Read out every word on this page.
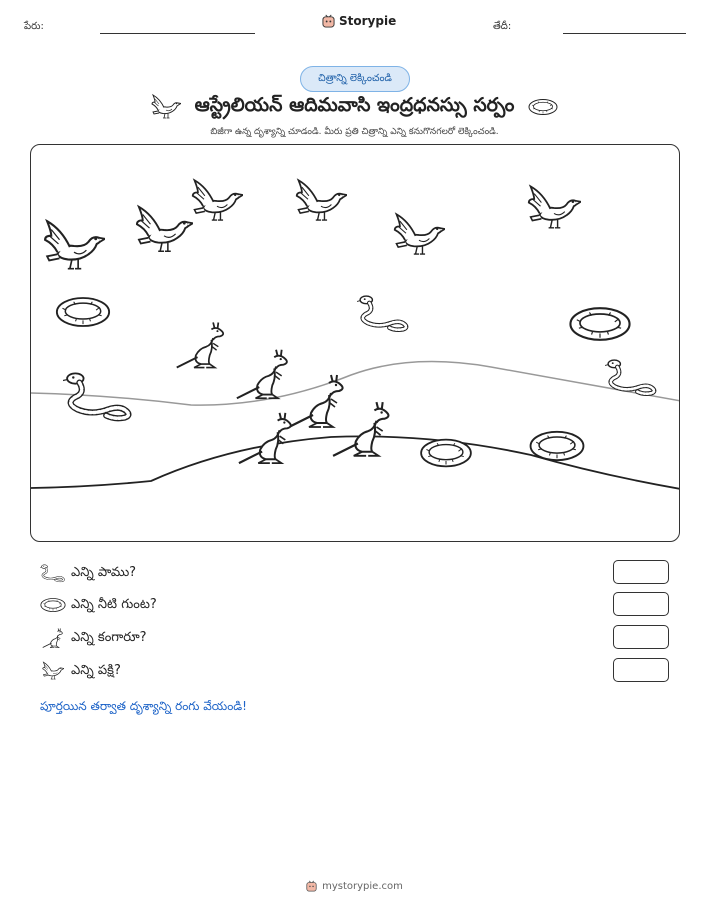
పేరు:	Storypie	తేదీ:
చిత్రాన్ని లెక్కించండి
ఆస్ట్రేలియన్ ఆదిమవాసి ఇంద్రధనస్సు సర్పం
బిజీగా ఉన్న దృశ్యాన్ని చూడండి. మీరు ప్రతి చిత్రాన్ని ఎన్ని కనుగొనగలరో లెక్కించండి.
ఎన్ని పాము?
ఎన్ని నీటి గుంట?
ఎన్ని కంగారూ?
ఎన్ని పక్షి?
పూర్తయిన తర్వాత దృశ్యాన్ని రంగు వేయండి!
mystorypie.com
